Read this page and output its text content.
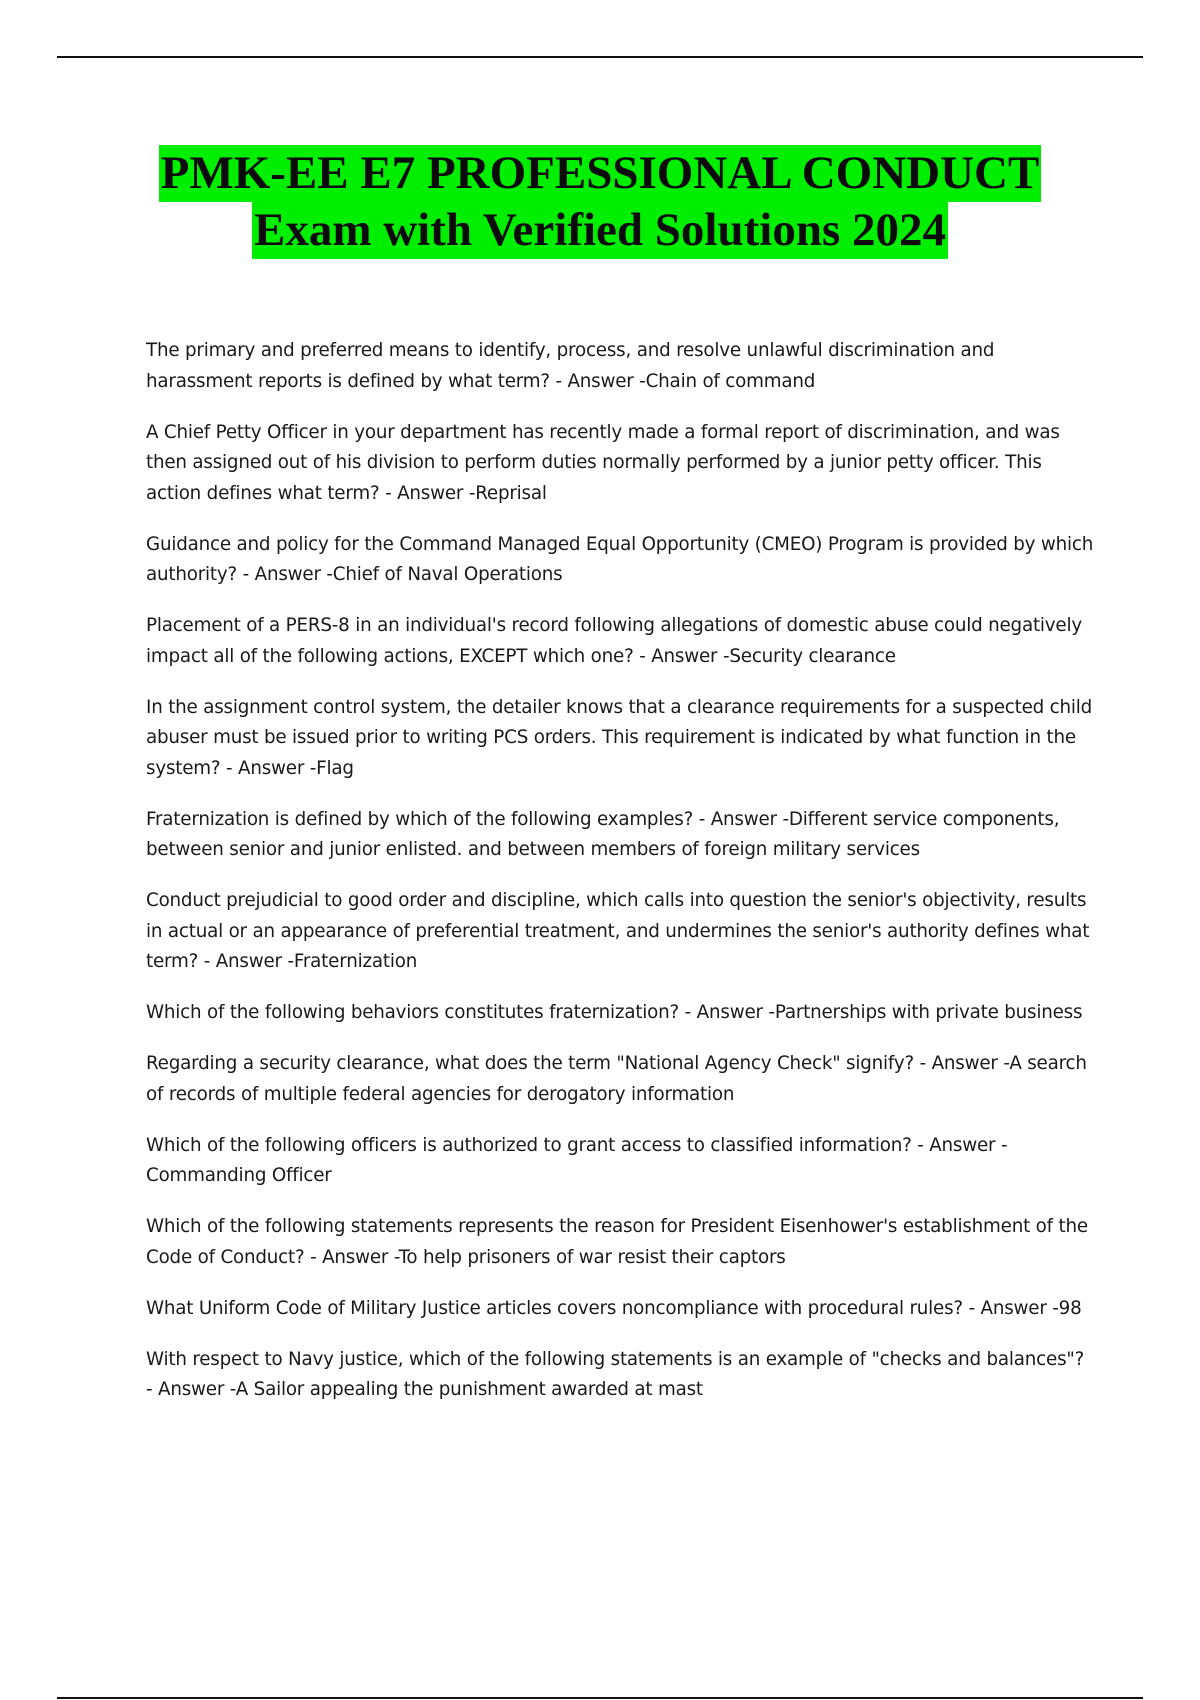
PMK-EE E7 PROFESSIONAL CONDUCT
Exam with Verified Solutions 2024

The primary and preferred means to identify, process, and resolve unlawful discrimination and harassment reports is defined by what term? - Answer -Chain of command

A Chief Petty Officer in your department has recently made a formal report of discrimination, and was then assigned out of his division to perform duties normally performed by a junior petty officer. This action defines what term? - Answer -Reprisal

Guidance and policy for the Command Managed Equal Opportunity (CMEO) Program is provided by which authority? - Answer -Chief of Naval Operations

Placement of a PERS-8 in an individual's record following allegations of domestic abuse could negatively impact all of the following actions, EXCEPT which one? - Answer -Security clearance

In the assignment control system, the detailer knows that a clearance requirements for a suspected child abuser must be issued prior to writing PCS orders. This requirement is indicated by what function in the system? - Answer -Flag

Fraternization is defined by which of the following examples? - Answer -Different service components, between senior and junior enlisted. and between members of foreign military services

Conduct prejudicial to good order and discipline, which calls into question the senior's objectivity, results in actual or an appearance of preferential treatment, and undermines the senior's authority defines what term? - Answer -Fraternization

Which of the following behaviors constitutes fraternization? - Answer -Partnerships with private business

Regarding a security clearance, what does the term "National Agency Check" signify? - Answer -A search of records of multiple federal agencies for derogatory information

Which of the following officers is authorized to grant access to classified information? - Answer -Commanding Officer

Which of the following statements represents the reason for President Eisenhower's establishment of the Code of Conduct? - Answer -To help prisoners of war resist their captors

What Uniform Code of Military Justice articles covers noncompliance with procedural rules? - Answer -98

With respect to Navy justice, which of the following statements is an example of "checks and balances"? - Answer -A Sailor appealing the punishment awarded at mast
